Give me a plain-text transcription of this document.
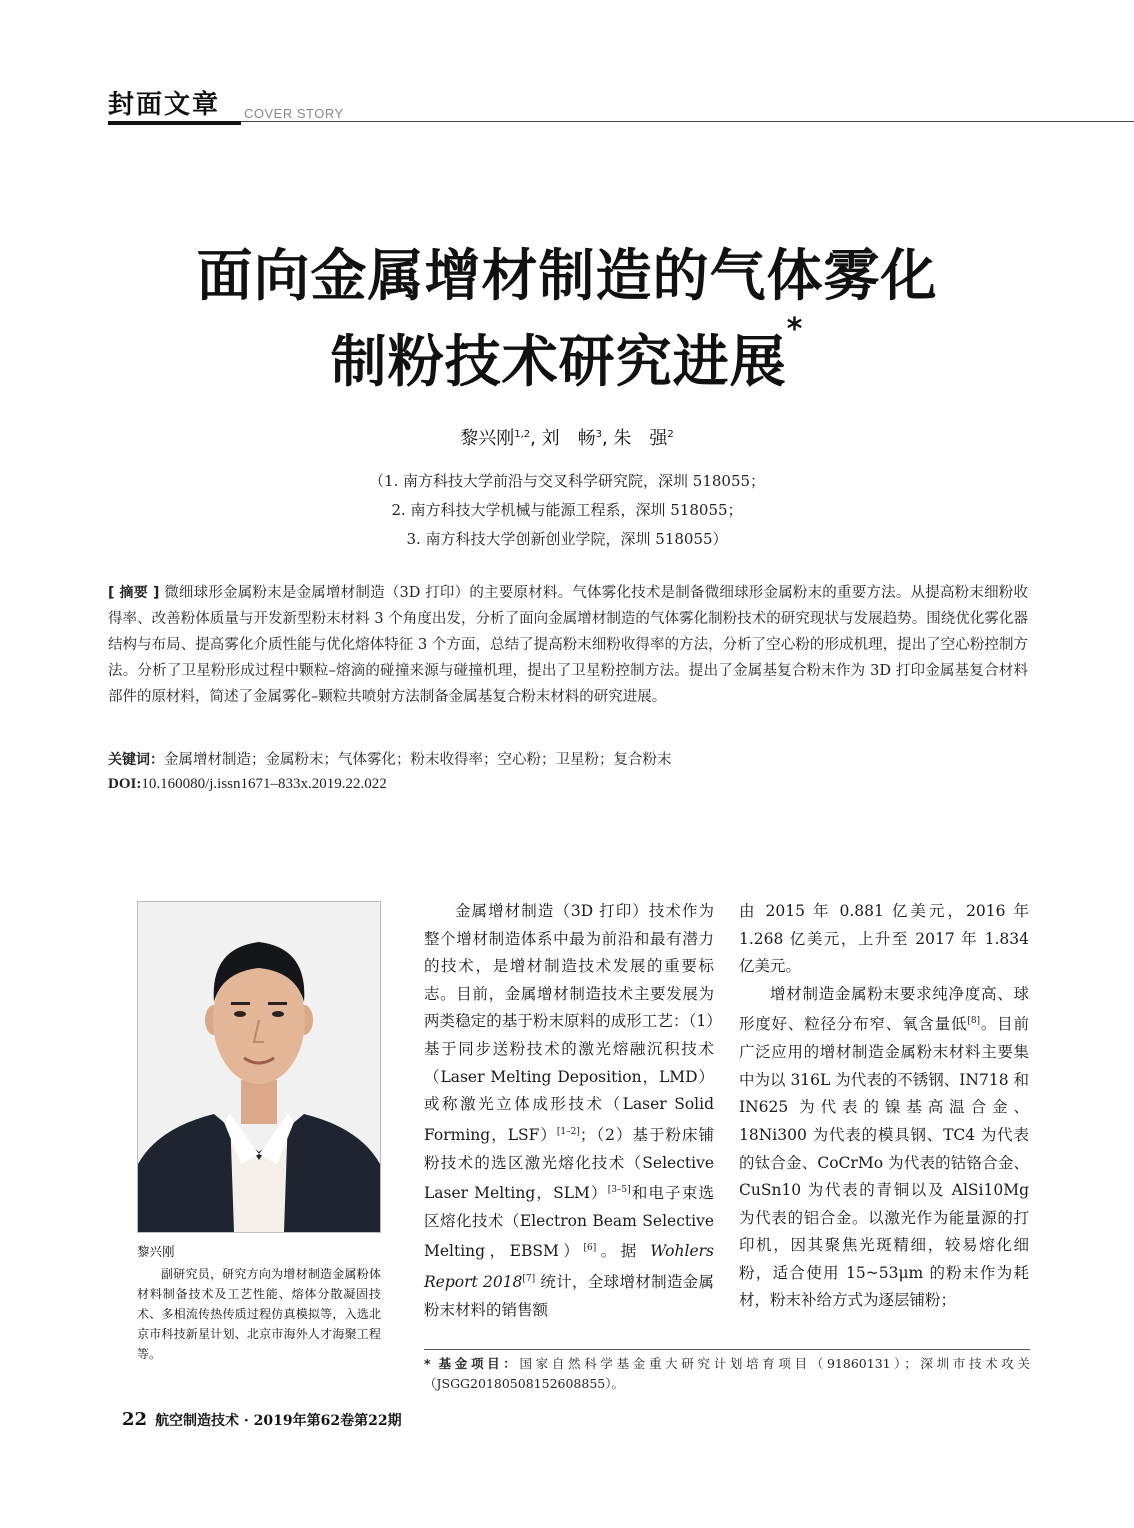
封面文章 COVER STORY
面向金属增材制造的气体雾化
制粉技术研究进展*
黎兴刚$^{1,2}$, 刘　畅$^3$, 朱　强$^2$
（1. 南方科技大学前沿与交叉科学研究院，深圳 518055；
2. 南方科技大学机械与能源工程系，深圳 518055；
3. 南方科技大学创新创业学院，深圳 518055）
[ 摘要 ] 微细球形金属粉末是金属增材制造（3D 打印）的主要原材料。气体雾化技术是制备微细球形金属粉末的重要方法。从提高粉末细粉收得率、改善粉体质量与开发新型粉末材料 3 个角度出发，分析了面向金属增材制造的气体雾化制粉技术的研究现状与发展趋势。围绕优化雾化器结构与布局、提高雾化介质性能与优化熔体特征 3 个方面，总结了提高粉末细粉收得率的方法，分析了空心粉的形成机理，提出了空心粉控制方法。分析了卫星粉形成过程中颗粒–熔滴的碰撞来源与碰撞机理，提出了卫星粉控制方法。提出了金属基复合粉末作为 3D 打印金属基复合材料部件的原材料，简述了金属雾化–颗粒共喷射方法制备金属基复合粉末材料的研究进展。
关键词：金属增材制造；金属粉末；气体雾化；粉末收得率；空心粉；卫星粉；复合粉末
DOI:10.160080/j.issn1671–833x.2019.22.022
黎兴刚
副研究员，研究方向为增材制造金属粉体材料制备技术及工艺性能、熔体分散凝固技术、多相流传热传质过程仿真模拟等，入选北京市科技新星计划、北京市海外人才海聚工程等。

金属增材制造（3D 打印）技术作为整个增材制造体系中最为前沿和最有潜力的技术，是增材制造技术发展的重要标志。目前，金属增材制造技术主要发展为两类稳定的基于粉末原料的成形工艺：（1）基于同步送粉技术的激光熔融沉积技术（Laser Melting Deposition，LMD）或称激光立体成形技术（Laser Solid Forming，LSF）[1–2]；（2）基于粉床铺粉技术的选区激光熔化技术（Selective Laser Melting，SLM）[3–5]和电子束选区熔化技术（Electron Beam Selective Melting，EBSM）[6]。据 Wohlers Report 2018[7] 统计，全球增材制造金属粉末材料的销售额

由 2015 年 0.881 亿美元，2016 年 1.268 亿美元，上升至 2017 年 1.834 亿美元。

增材制造金属粉末要求纯净度高、球形度好、粒径分布窄、氧含量低[8]。目前广泛应用的增材制造金属粉末材料主要集中为以 316L 为代表的不锈钢、IN718 和 IN625 为代表的镍基高温合金、18Ni300 为代表的模具钢、TC4 为代表的钛合金、CoCrMo 为代表的钴铬合金、CuSn10 为代表的青铜以及 AlSi10Mg 为代表的铝合金。以激光作为能量源的打印机，因其聚焦光斑精细，较易熔化细粉，适合使用 15~53μm 的粉末作为耗材，粉末补给方式为逐层铺粉；

* 基金项目：国家自然科学基金重大研究计划培育项目（91860131）；深圳市技术攻关（JSGG20180508152608855）。
22 航空制造技术 · 2019年第62卷第22期
